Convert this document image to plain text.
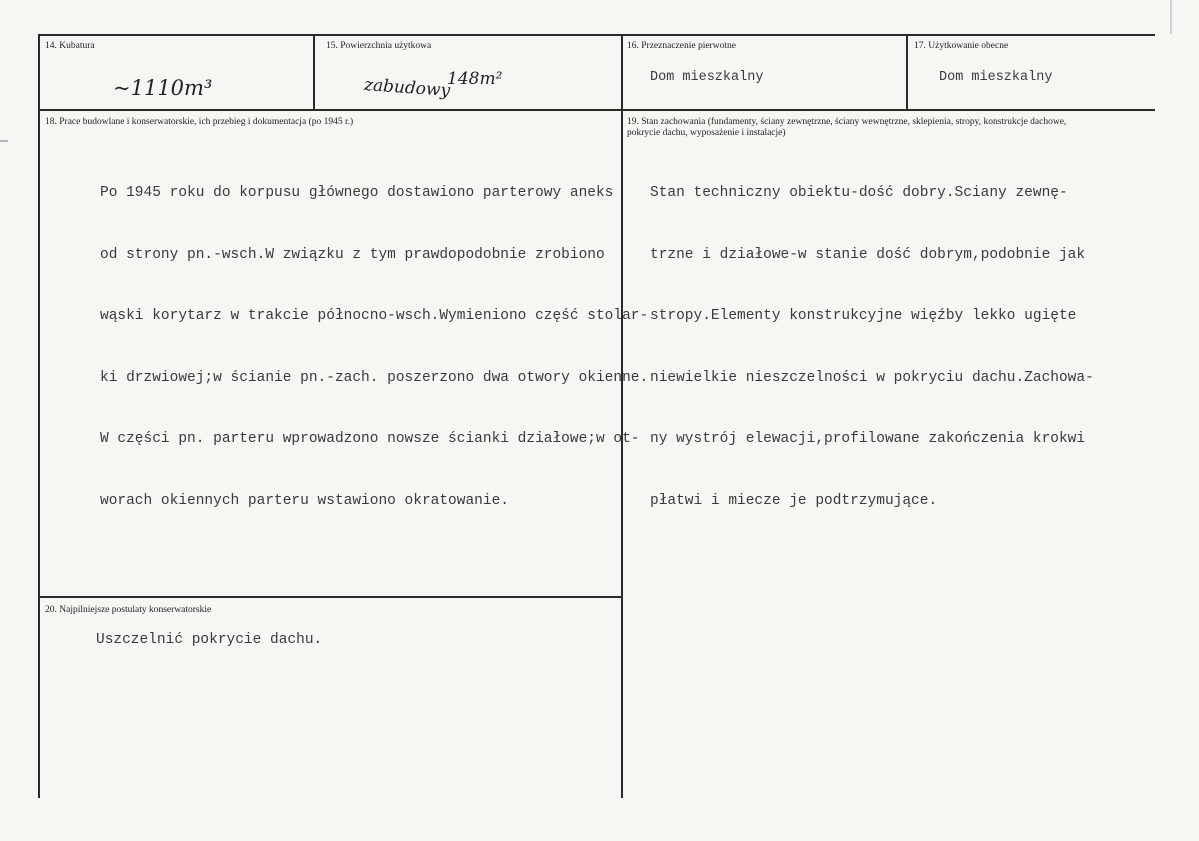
14. Kubatura
~1110m³
15. Powierzchnia użytkowa
zabudowy
148m²
16. Przeznaczenie pierwotne
Dom mieszkalny
17. Użytkowanie obecne
Dom mieszkalny
18. Prace budowlane i konserwatorskie, ich przebieg i dokumentacja (po 1945 r.)

Po 1945 roku do korpusu głównego dostawiono parterowy aneks

od strony pn.-wsch.W związku z tym prawdopodobnie zrobiono

wąski korytarz w trakcie północno-wsch.Wymieniono część stolar-

ki drzwiowej;w ścianie pn.-zach. poszerzono dwa otwory okienne.

W części pn. parteru wprowadzono nowsze ścianki działowe;w ot-

worach okiennych parteru wstawiono okratowanie.

19. Stan zachowania (fundamenty, ściany zewnętrzne, ściany wewnętrzne, sklepienia, stropy, konstrukcje dachowe,
pokrycie dachu, wyposażenie i instalacje)

Stan techniczny obiektu-dość dobry.Sciany zewnę-

trzne i działowe-w stanie dość dobrym,podobnie jak

stropy.Elementy konstrukcyjne więźby lekko ugięte

niewielkie nieszczelności w pokryciu dachu.Zachowa-

ny wystrój elewacji,profilowane zakończenia krokwi

płatwi i miecze je podtrzymujące.

20. Najpilniejsze postulaty konserwatorskie
Uszczelnić pokrycie dachu.
